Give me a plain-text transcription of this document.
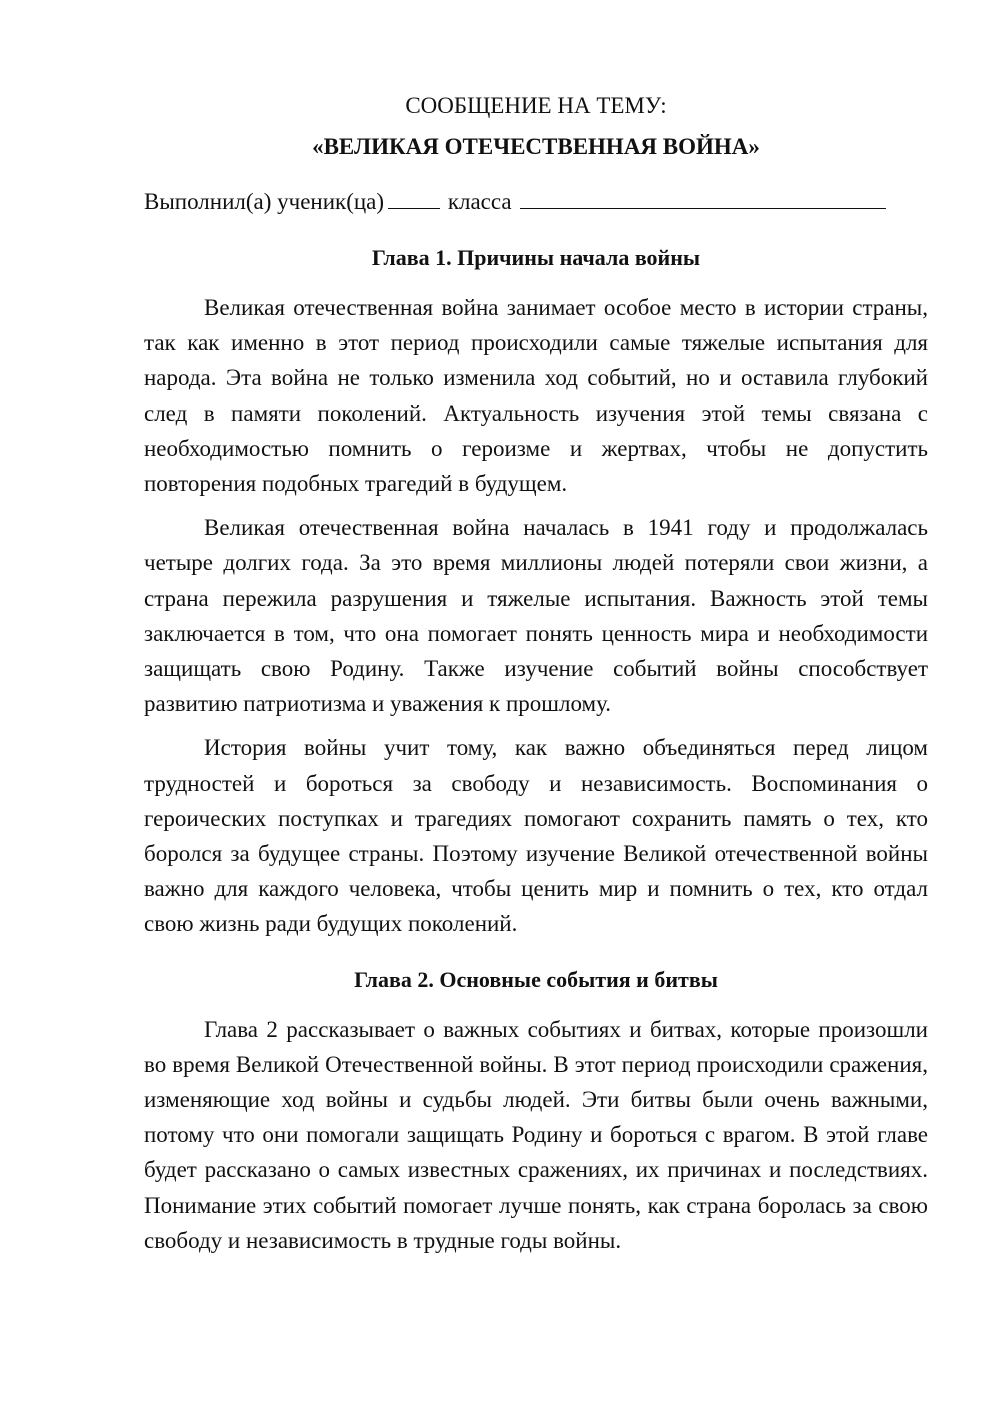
СООБЩЕНИЕ НА ТЕМУ:
«ВЕЛИКАЯ ОТЕЧЕСТВЕННАЯ ВОЙНА»

Выполнил(а) ученик(ца)	класса

Глава 1. Причины начала войны

Великая отечественная война занимает особое место в истории страны, так как именно в этот период происходили самые тяжелые испытания для народа. Эта война не только изменила ход событий, но и оставила глубокий след в памяти поколений. Актуальность изучения этой темы связана с необходимостью помнить о героизме и жертвах, чтобы не допустить повторения подобных трагедий в будущем.

Великая отечественная война началась в 1941 году и продолжалась четыре долгих года. За это время миллионы людей потеряли свои жизни, а страна пережила разрушения и тяжелые испытания. Важность этой темы заключается в том, что она помогает понять ценность мира и необходимости защищать свою Родину. Также изучение событий войны способствует развитию патриотизма и уважения к прошлому.

История войны учит тому, как важно объединяться перед лицом трудностей и бороться за свободу и независимость. Воспоминания о героических поступках и трагедиях помогают сохранить память о тех, кто боролся за будущее страны. Поэтому изучение Великой отечественной войны важно для каждого человека, чтобы ценить мир и помнить о тех, кто отдал свою жизнь ради будущих поколений.

Глава 2. Основные события и битвы

Глава 2 рассказывает о важных событиях и битвах, которые произошли во время Великой Отечественной войны. В этот период происходили сражения, изменяющие ход войны и судьбы людей. Эти битвы были очень важными, потому что они помогали защищать Родину и бороться с врагом. В этой главе будет рассказано о самых известных сражениях, их причинах и последствиях. Понимание этих событий помогает лучше понять, как страна боролась за свою свободу и независимость в трудные годы войны.
